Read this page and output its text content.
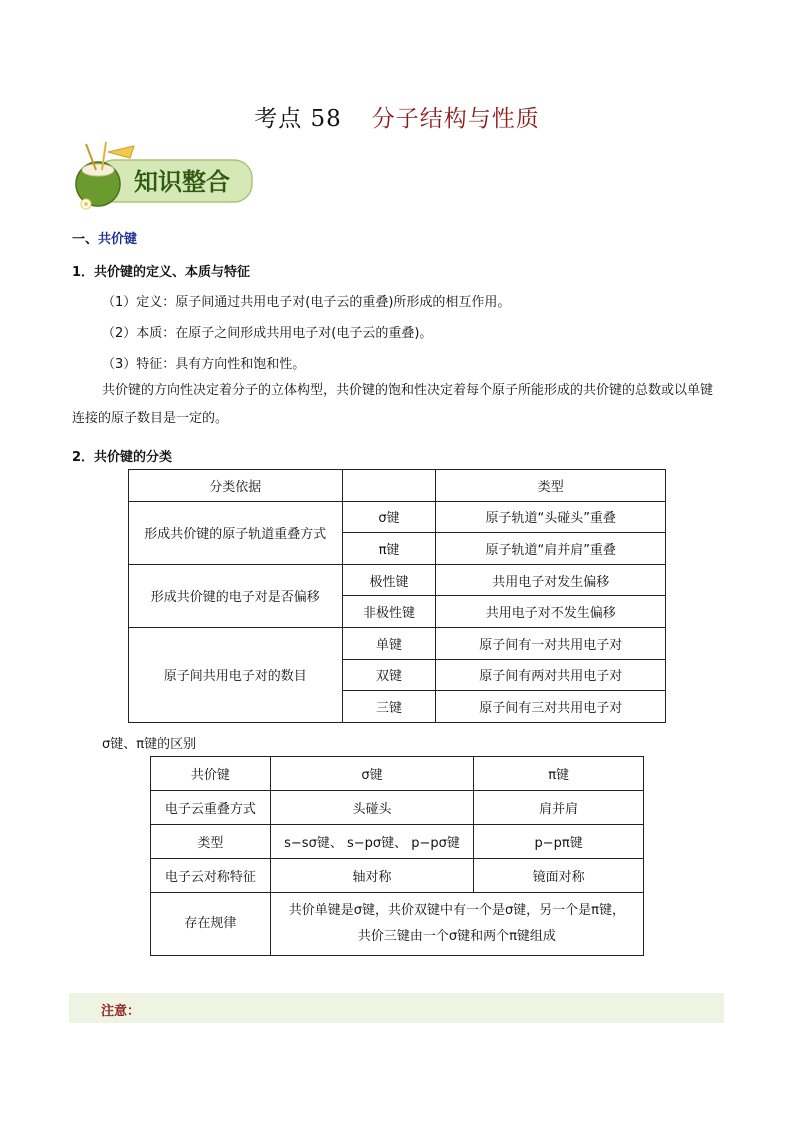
考点 58 分子结构与性质
知识整合
一、共价键
1．共价键的定义、本质与特征
（1）定义：原子间通过共用电子对(电子云的重叠)所形成的相互作用。
（2）本质：在原子之间形成共用电子对(电子云的重叠)。
（3）特征：具有方向性和饱和性。
共价键的方向性决定着分子的立体构型，共价键的饱和性决定着每个原子所能形成的共价键的总数或以单键连接的原子数目是一定的。
2．共价键的分类
分类依据		类型
形成共价键的原子轨道重叠方式	σ键	原子轨道“头碰头”重叠
	π键	原子轨道“肩并肩”重叠
形成共价键的电子对是否偏移	极性键	共用电子对发生偏移
	非极性键	共用电子对不发生偏移
原子间共用电子对的数目	单键	原子间有一对共用电子对
	双键	原子间有两对共用电子对
	三键	原子间有三对共用电子对
σ键、π键的区别
共价键	σ键	π键
电子云重叠方式	头碰头	肩并肩
类型	s−sσ键、 s−pσ键、 p−pσ键	p−pπ键
电子云对称特征	轴对称	镜面对称
存在规律	共价单键是σ键，共价双键中有一个是σ键，另一个是π键，
共价三键由一个σ键和两个π键组成	
注意：
